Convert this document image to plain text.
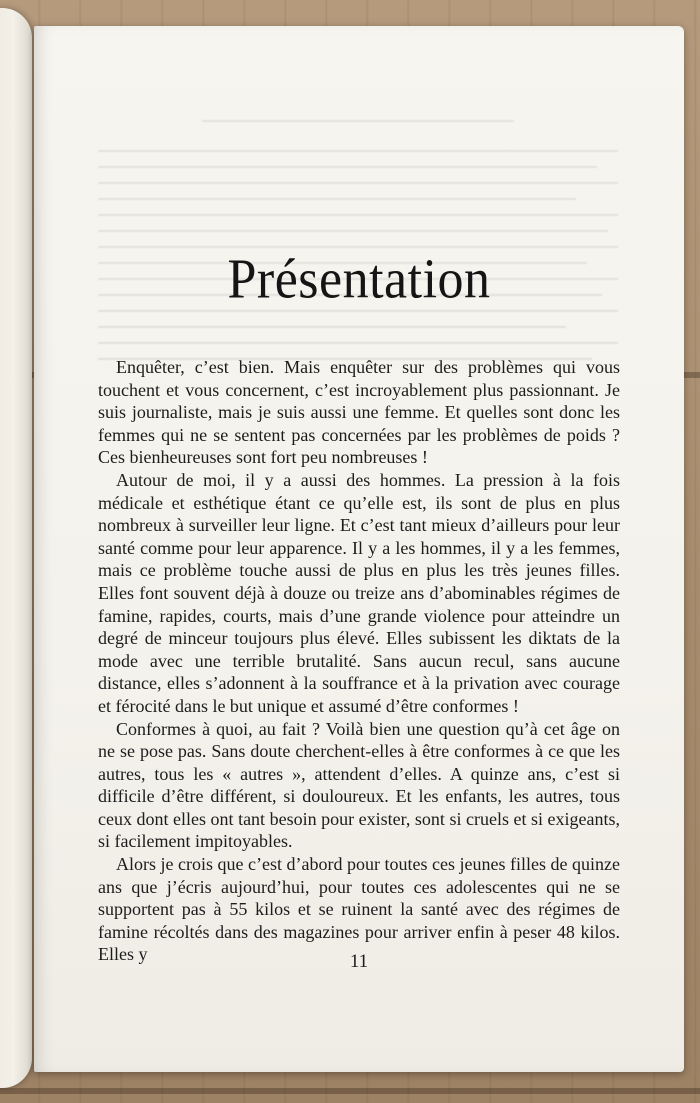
Présentation

Enquêter, c’est bien. Mais enquêter sur des problèmes qui vous touchent et vous concernent, c’est incroyablement plus passionnant. Je suis journaliste, mais je suis aussi une femme. Et quelles sont donc les femmes qui ne se sentent pas concernées par les problèmes de poids ? Ces bienheureuses sont fort peu nombreuses !

Autour de moi, il y a aussi des hommes. La pression à la fois médicale et esthétique étant ce qu’elle est, ils sont de plus en plus nombreux à surveiller leur ligne. Et c’est tant mieux d’ailleurs pour leur santé comme pour leur apparence. Il y a les hommes, il y a les femmes, mais ce problème touche aussi de plus en plus les très jeunes filles. Elles font souvent déjà à douze ou treize ans d’abominables régimes de famine, rapides, courts, mais d’une grande violence pour atteindre un degré de minceur toujours plus élevé. Elles subissent les diktats de la mode avec une terrible brutalité. Sans aucun recul, sans aucune distance, elles s’adonnent à la souffrance et à la privation avec courage et férocité dans le but unique et assumé d’être conformes !

Conformes à quoi, au fait ? Voilà bien une question qu’à cet âge on ne se pose pas. Sans doute cherchent-elles à être conformes à ce que les autres, tous les « autres », attendent d’elles. A quinze ans, c’est si difficile d’être différent, si douloureux. Et les enfants, les autres, tous ceux dont elles ont tant besoin pour exister, sont si cruels et si exigeants, si facilement impitoyables.

Alors je crois que c’est d’abord pour toutes ces jeunes filles de quinze ans que j’écris aujourd’hui, pour toutes ces adolescentes qui ne se supportent pas à 55 kilos et se ruinent la santé avec des régimes de famine récoltés dans des magazines pour arriver enfin à peser 48 kilos. Elles y	11
